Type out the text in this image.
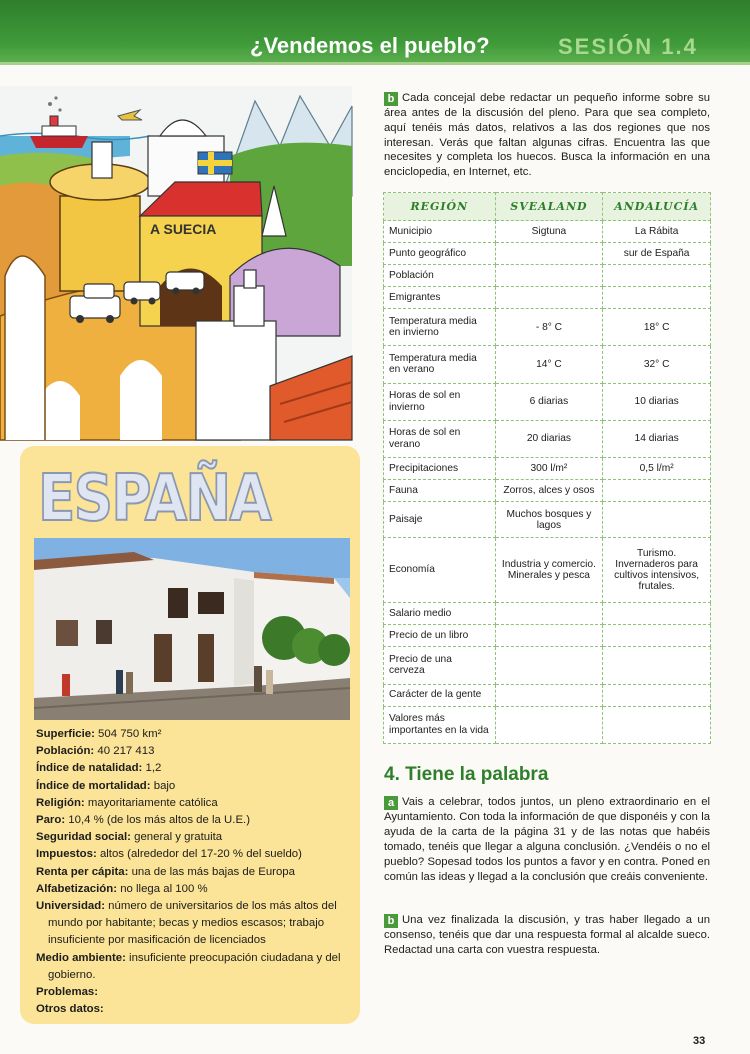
¿Vendemos el pueblo?	SESIÓN 1.4
A SUECIA
ESPAÑA
Superficie: 504 750 km²
Población: 40 217 413
Índice de natalidad: 1,2
Índice de mortalidad: bajo
Religión: mayoritariamente católica
Paro: 10,4 % (de los más altos de la U.E.)
Seguridad social: general y gratuita
Impuestos: altos (alrededor del 17-20 % del sueldo)
Renta per cápita: una de las más bajas de Europa
Alfabetización: no llega al 100 %
Universidad: número de universitarios de los más altos del mundo por habitante; becas y medios escasos; trabajo insuficiente por masificación de licenciados
Medio ambiente: insuficiente preocupación ciudadana y del gobierno.
Problemas:
Otros datos:
b Cada concejal debe redactar un pequeño informe sobre su área antes de la discusión del pleno. Para que sea completo, aquí tenéis más datos, relativos a las dos regiones que nos interesan. Verás que faltan algunas cifras. Encuentra las que necesites y completa los huecos. Busca la información en una enciclopedia, en Internet, etc.
REGIÓN	SVEALAND	ANDALUCÍA
Municipio	Sigtuna	La Rábita
Punto geográfico		sur de España
Población		
Emigrantes		
Temperatura media en invierno	- 8° C	18° C
Temperatura media en verano	14° C	32° C
Horas de sol en invierno	6 diarias	10 diarias
Horas de sol en verano	20 diarias	14 diarias
Precipitaciones	300 l/m²	0,5 l/m²
Fauna	Zorros, alces y osos	
Paisaje	Muchos bosques y lagos	
Economía	Industria y comercio. Minerales y pesca	Turismo. Invernaderos para cultivos intensivos, frutales.
Salario medio		
Precio de un libro		
Precio de una cerveza		
Carácter de la gente		
Valores más importantes en la vida		
4. Tiene la palabra
a Vais a celebrar, todos juntos, un pleno extraordinario en el Ayuntamiento. Con toda la información de que disponéis y con la ayuda de la carta de la página 31 y de las notas que habéis tomado, tenéis que llegar a alguna conclusión. ¿Vendéis o no el pueblo? Sopesad todos los puntos a favor y en contra. Poned en común las ideas y llegad a la conclusión que creáis conveniente.
b Una vez finalizada la discusión, y tras haber llegado a un consenso, tenéis que dar una respuesta formal al alcalde sueco. Redactad una carta con vuestra respuesta.
33
